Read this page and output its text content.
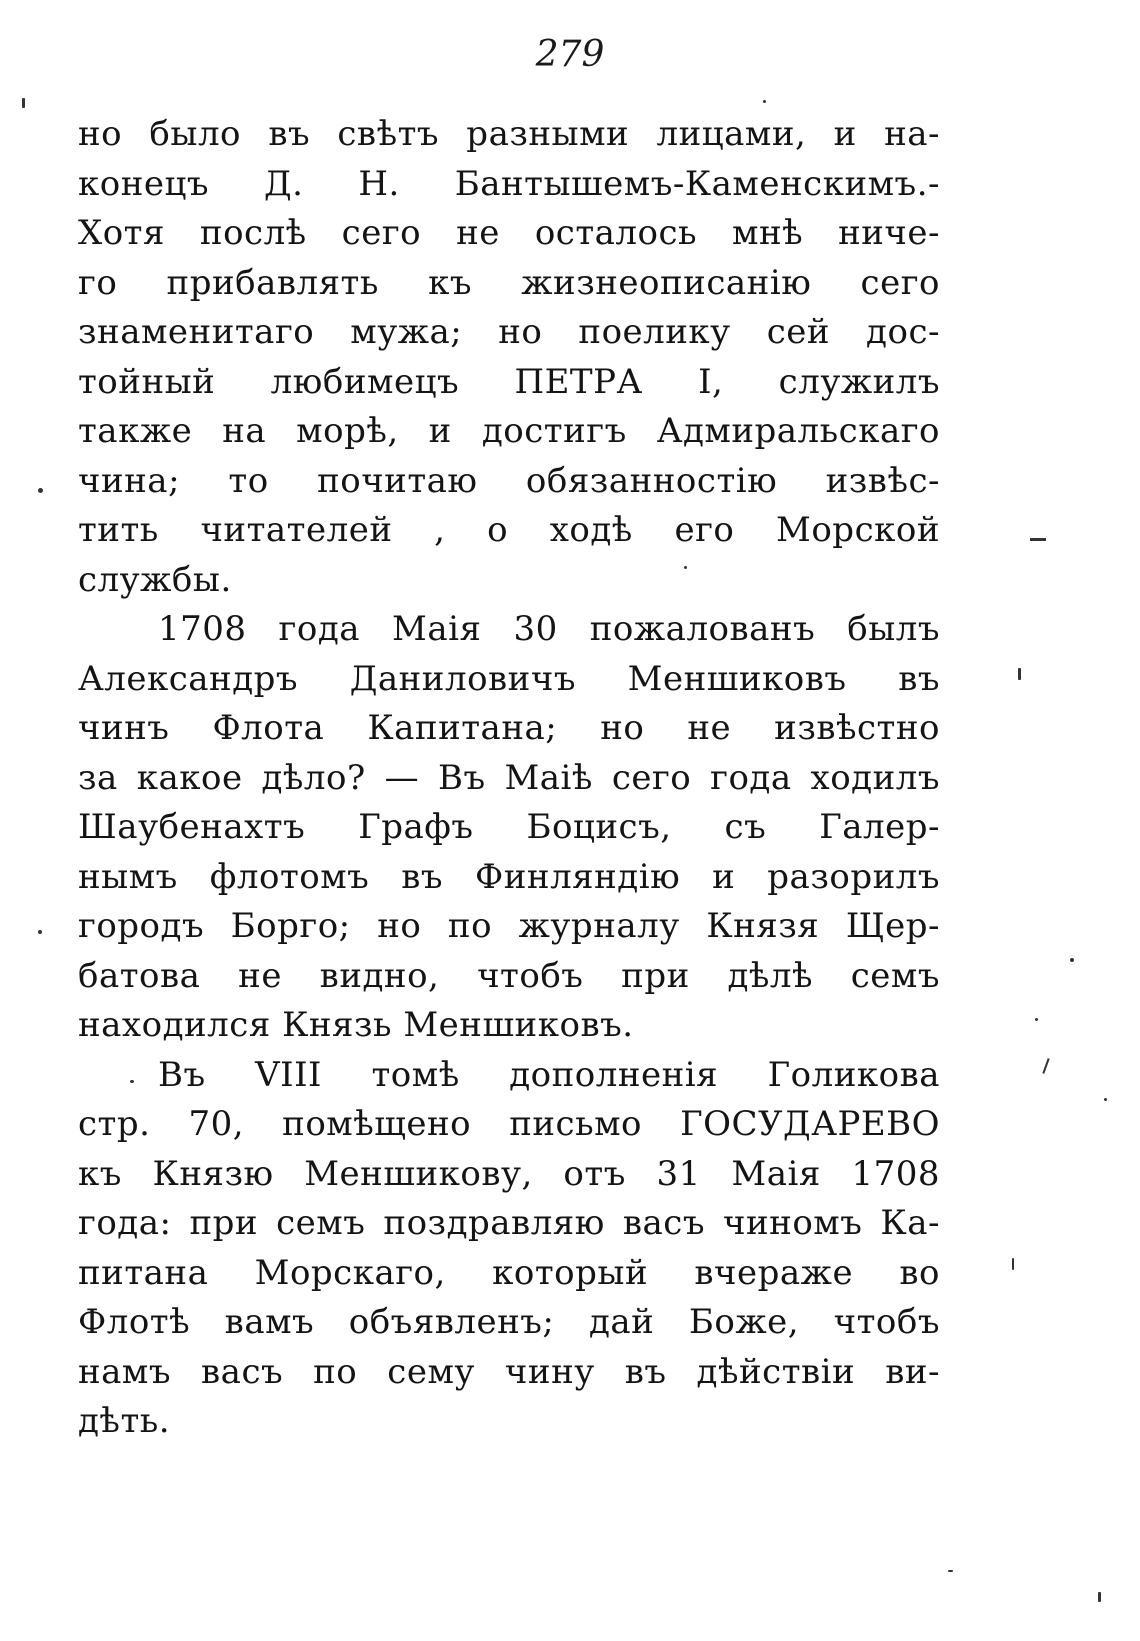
279
но было въ свѣтъ разными лицами, и на-
конецъ Д. Н. Бантышемъ-Каменскимъ.-
Хотя послѣ сего не осталось мнѣ ниче-
го прибавлять къ жизнеописанію сего
знаменитаго мужа; но поелику сей дос-
тойный любимецъ ПЕТРА I, служилъ
также на морѣ, и достигъ Адмиральскаго
чина; то почитаю обязанностію извѣс-
тить читателей , о ходѣ его Морской
службы.
1708 года Маія 30 пожалованъ былъ
Александръ Даниловичъ Меншиковъ въ
чинъ Флота Капитана; но не извѣстно
за какое дѣло? — Въ Маіѣ сего года ходилъ
Шаубенахтъ Графъ Боцисъ, съ Галер-
нымъ флотомъ въ Финляндію и разорилъ
городъ Борго; но по журналу Князя Щер-
батова не видно, чтобъ при дѣлѣ семъ
находился Князь Меншиковъ.
Въ VIII томѣ дополненія Голикова
стр. 70, помѣщено письмо ГОСУДАРЕВО
къ Князю Меншикову, отъ 31 Маія 1708
года: при семъ поздравляю васъ чиномъ Ка-
питана Морскаго, который вчераже во
Флотѣ вамъ объявленъ; дай Боже, чтобъ
намъ васъ по сему чину въ дѣйствіи ви-
дѣть.
